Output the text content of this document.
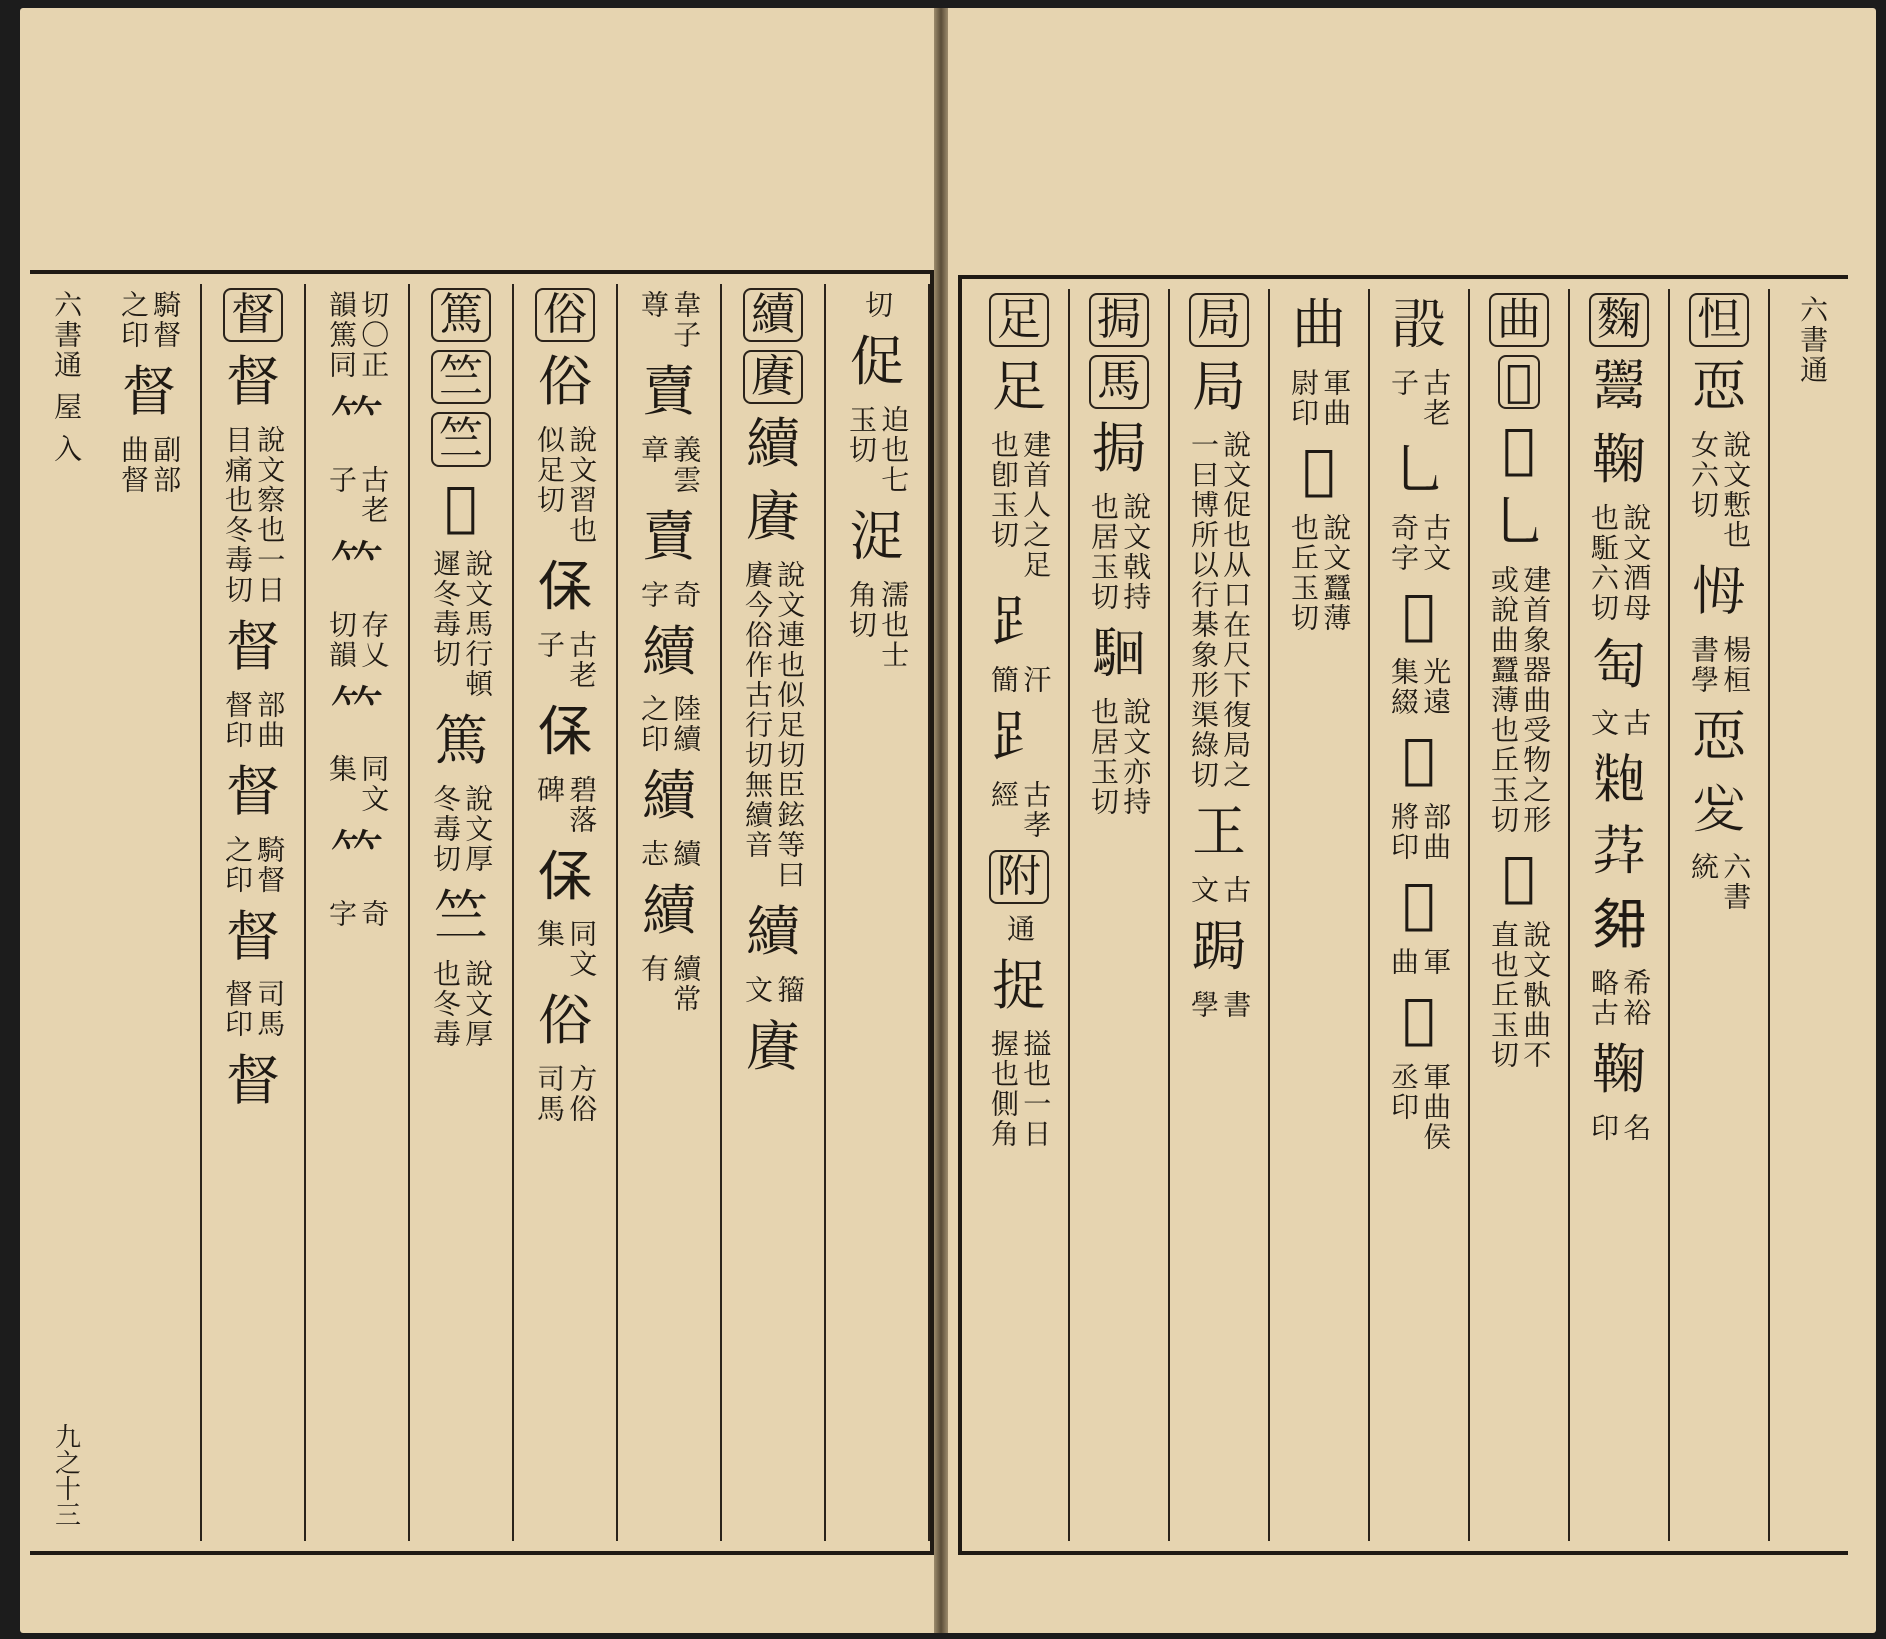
怛
恧
說文慙也
女六切
𢘃
楊桓
書學
恧
𢖻
六書
統
麴
𩱧
鞠
說文酒母
也駈六切
匋
古
文
𠣺
𦮘
𡖔
希裕
略古
鞠
名
印
曲
𠚕
𠚕
乚
建首象器曲受物之形
或說曲蠶薄也丘玉切
𠚕
說文骫曲不
直也丘玉切
𣪏
古老
子
乚
古文
奇字
𠚕
光遠
集綴
𠚕
部曲
將印
𠚕
軍
曲
𠚕
軍曲侯
丞印
曲
軍曲
尉印
𦉛
說文蠶薄
也丘玉切
局
局
說文促也从口在尺下復局之
一曰博所以行棊象形渠綠切
㠪
古
文
跼
書
學
挶
馬
挶
說文戟持
也居玉切
𩢱
說文亦持
也居玉切
足
足
建首人之足
也卽玉切
𧾷
汗
簡
𧾷
古孝
經
附
通
捉
搤也一日
握也側角
六書通
切
促
迫也七
玉切
浞
濡也士
角切
續
賡
續
賡
說文連也似足切臣鉉等曰
賡今俗作古行切無續音
續
籀
文
賡
韋子
尊
𧶠
義雲
章
𧶠
奇
字
續
陸續
之印
續
續
志
續
續常
有
俗
俗
說文習也
似足切
𠈃
古老
子
𠈃
碧落
碑
𠈃
同文
集
俗
方俗
司馬
篤
竺
竺
𥷊
說文馬行頓
遲冬毒切
篤
說文厚
冬毒切
竺
說文厚
也冬毒
切〇正
韻篤同
𥫗
古老
子
𥫗
存乂
切韻
𥫗
同文
集
𥫗
奇
字
督
督
說文察也一日
目痛也冬毒切
督
部曲
督印
督
騎督
之印
督
司馬
督印
督
騎督
之印
督
副部
曲督
六書通
屋
入
九之十三
